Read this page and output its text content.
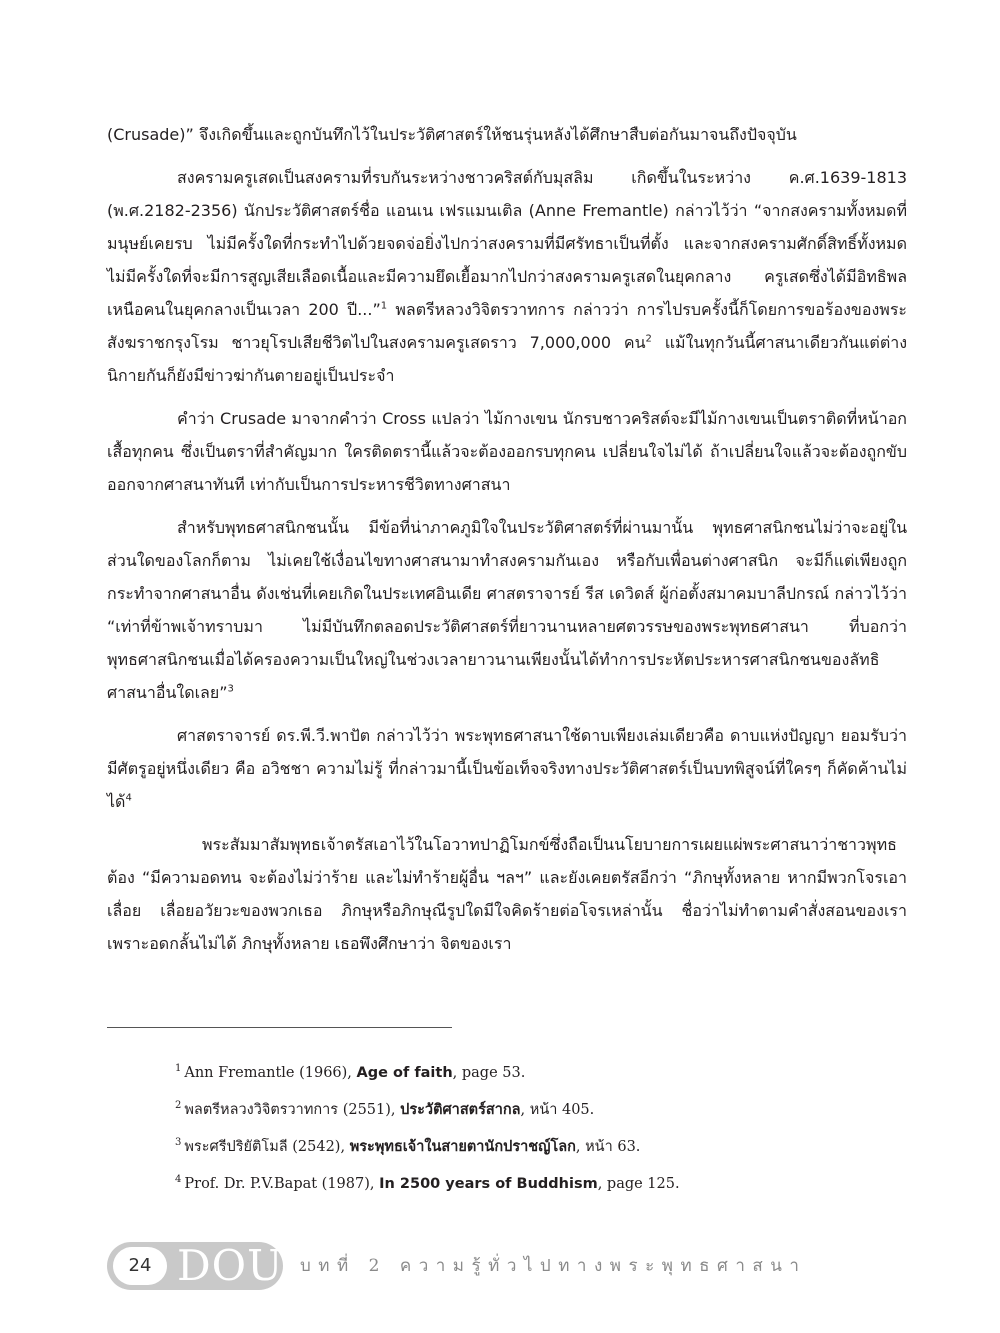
(Crusade)” จึงเกิดขึ้นและถูกบันทึกไว้ในประวัติศาสตร์ให้ชนรุ่นหลังได้ศึกษาสืบต่อกันมาจนถึงปัจจุบัน

สงครามครูเสดเป็นสงครามที่รบกันระหว่างชาวคริสต์กับมุสลิม เกิดขึ้นในระหว่าง ค.ศ.1639-1813 (พ.ศ.2182-2356) นักประวัติศาสตร์ชื่อ แอนเน เฟรแมนเติล (Anne Fremantle) กล่าวไว้ว่า “จากสงครามทั้งหมดที่มนุษย์เคยรบ ไม่มีครั้งใดที่กระทำไปด้วยจดจ่อยิ่งไปกว่าสงครามที่มีศรัทธาเป็นที่ตั้ง และจากสงครามศักดิ์สิทธิ์ทั้งหมด ไม่มีครั้งใดที่จะมีการสูญเสียเลือดเนื้อและมีความยึดเยื้อมากไปกว่าสงครามครูเสดในยุคกลาง ครูเสดซึ่งได้มีอิทธิพลเหนือคนในยุคกลางเป็นเวลา 200 ปี...”$^1$ พลตรีหลวงวิจิตรวาทการ กล่าวว่า การไปรบครั้งนี้ก็โดยการขอร้องของพระสังฆราชกรุงโรม ชาวยุโรปเสียชีวิตไปในสงครามครูเสดราว 7,000,000 คน$^2$ แม้ในทุกวันนี้ศาสนาเดียวกันแต่ต่างนิกายกันก็ยังมีข่าวฆ่ากันตายอยู่เป็นประจำ

คำว่า Crusade มาจากคำว่า Cross แปลว่า ไม้กางเขน นักรบชาวคริสต์จะมีไม้กางเขนเป็นตราติดที่หน้าอกเสื้อทุกคน ซึ่งเป็นตราที่สำคัญมาก ใครติดตรานี้แล้วจะต้องออกรบทุกคน เปลี่ยนใจไม่ได้ ถ้าเปลี่ยนใจแล้วจะต้องถูกขับออกจากศาสนาทันที เท่ากับเป็นการประหารชีวิตทางศาสนา

สำหรับพุทธศาสนิกชนนั้น มีข้อที่น่าภาคภูมิใจในประวัติศาสตร์ที่ผ่านมานั้น พุทธศาสนิกชนไม่ว่าจะอยู่ในส่วนใดของโลกก็ตาม ไม่เคยใช้เงื่อนไขทางศาสนามาทำสงครามกันเอง หรือกับเพื่อนต่างศาสนิก จะมีก็แต่เพียงถูกกระทำจากศาสนาอื่น ดังเช่นที่เคยเกิดในประเทศอินเดีย ศาสตราจารย์ รีส เดวิดส์ ผู้ก่อตั้งสมาคมบาลีปกรณ์ กล่าวไว้ว่า “เท่าที่ข้าพเจ้าทราบมา ไม่มีบันทึกตลอดประวัติศาสตร์ที่ยาวนานหลายศตวรรษของพระพุทธศาสนา ที่บอกว่า พุทธศาสนิกชนเมื่อได้ครองความเป็นใหญ่ในช่วงเวลายาวนานเพียงนั้นได้ทำการประหัตประหารศาสนิกชนของลัทธิศาสนาอื่นใดเลย”$^3$

ศาสตราจารย์ ดร.พี.วี.พาปัต กล่าวไว้ว่า พระพุทธศาสนาใช้ดาบเพียงเล่มเดียวคือ ดาบแห่งปัญญา ยอมรับว่ามีศัตรูอยู่หนึ่งเดียว คือ อวิชชา ความไม่รู้ ที่กล่าวมานี้เป็นข้อเท็จจริงทางประวัติศาสตร์เป็นบทพิสูจน์ที่ใครๆ ก็คัดค้านไม่ได้$^4$

พระสัมมาสัมพุทธเจ้าตรัสเอาไว้ในโอวาทปาฏิโมกข์ซึ่งถือเป็นนโยบายการเผยแผ่พระศาสนาว่าชาวพุทธต้อง “มีความอดทน จะต้องไม่ว่าร้าย และไม่ทำร้ายผู้อื่น ฯลฯ” และยังเคยตรัสอีกว่า “ภิกษุทั้งหลาย หากมีพวกโจรเอาเลื่อย เลื่อยอวัยวะของพวกเธอ ภิกษุหรือภิกษุณีรูปใดมีใจคิดร้ายต่อโจรเหล่านั้น ชื่อว่าไม่ทำตามคำสั่งสอนของเรา เพราะอดกลั้นไม่ได้ ภิกษุทั้งหลาย เธอพึงศึกษาว่า จิตของเรา

$^1$ Ann Fremantle (1966), Age of faith, page 53.
$^2$ พลตรีหลวงวิจิตรวาทการ (2551), ประวัติศาสตร์สากล, หน้า 405.
$^3$ พระศรีปริยัติโมลี (2542), พระพุทธเจ้าในสายตานักปราชญ์โลก, หน้า 63.
$^4$ Prof. Dr. P.V.Bapat (1987), In 2500 years of Buddhism, page 125.
24 DOU บทที่ 2 ความรู้ทั่วไปทางพระพุทธศาสนา
